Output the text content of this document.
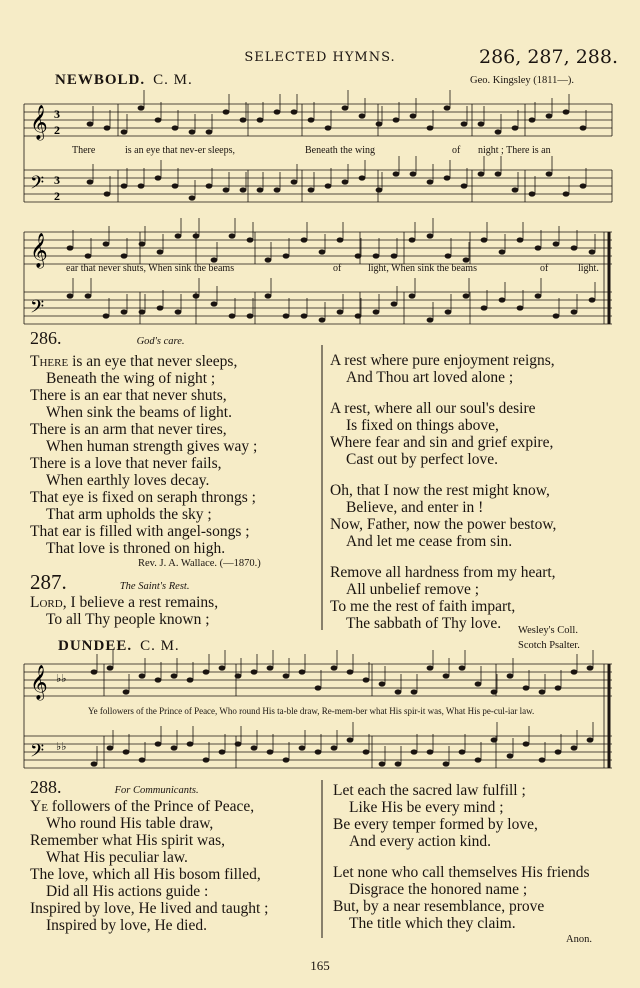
SELECTED HYMNS.	286, 287, 288.
NEWBOLD. C. M.	Geo. Kingsley (1811—).
𝄞 3
2
𝄢 3
2
𝄞
𝄢
𝄞 ♭♭
𝄢 ♭♭
There	is an eye that nev-er sleeps,	Beneath the wing	of night ; There is an
ear that never shuts, When sink the beams	of	light, When sink the beams	of	light.
286.	God's care.
There is an eye that never sleeps,
Beneath the wing of night ;
There is an ear that never shuts,
When sink the beams of light.
There is an arm that never tires,
When human strength gives way ;
There is a love that never fails,
When earthly loves decay.
That eye is fixed on seraph throngs ;
That arm upholds the sky ;
That ear is filled with angel-songs ;
That love is throned on high.
Rev. J. A. Wallace. (—1870.)
287.	The Saint's Rest.
Lord, I believe a rest remains,
To all Thy people known ;
A rest where pure enjoyment reigns,
And Thou art loved alone ;
A rest, where all our soul's desire
Is fixed on things above,
Where fear and sin and grief expire,
Cast out by perfect love.
Oh, that I now the rest might know,
Believe, and enter in !
Now, Father, now the power bestow,
And let me cease from sin.
Remove all hardness from my heart,
All unbelief remove ;
To me the rest of faith impart,
The sabbath of Thy love.	Wesley's Coll.
DUNDEE. C. M.	Scotch Psalter.
Ye followers of the Prince of Peace, Who round His ta-ble draw, Re-mem-ber what His spir-it was, What His pe-cul-iar law.
288.	For Communicants.
Ye followers of the Prince of Peace,
Who round His table draw,
Remember what His spirit was,
What His peculiar law.
The love, which all His bosom filled,
Did all His actions guide :
Inspired by love, He lived and taught ;
Inspired by love, He died.
Let each the sacred law fulfill ;
Like His be every mind ;
Be every temper formed by love,
And every action kind.
Let none who call themselves His friends
Disgrace the honored name ;
But, by a near resemblance, prove
The title which they claim.
Anon.
165
